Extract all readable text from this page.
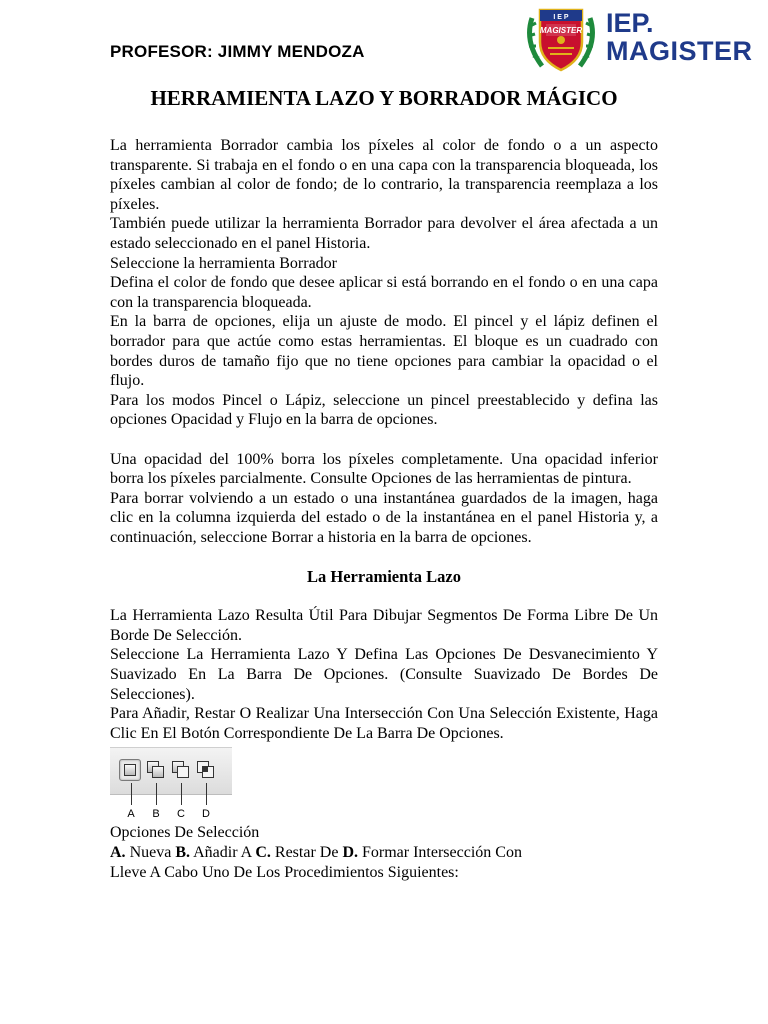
PROFESOR: JIMMY MENDOZA
I E P
MAGISTER IEP.
MAGISTER
HERRAMIENTA LAZO Y BORRADOR MÁGICO

La herramienta Borrador cambia los píxeles al color de fondo o a un aspecto transparente. Si trabaja en el fondo o en una capa con la transparencia bloqueada, los píxeles cambian al color de fondo; de lo contrario, la transparencia reemplaza a los píxeles.

También puede utilizar la herramienta Borrador para devolver el área afectada a un estado seleccionado en el panel Historia.

Seleccione la herramienta Borrador

Defina el color de fondo que desee aplicar si está borrando en el fondo o en una capa con la transparencia bloqueada.

En la barra de opciones, elija un ajuste de modo. El pincel y el lápiz definen el borrador para que actúe como estas herramientas. El bloque es un cuadrado con bordes duros de tamaño fijo que no tiene opciones para cambiar la opacidad o el flujo.

Para los modos Pincel o Lápiz, seleccione un pincel preestablecido y defina las opciones Opacidad y Flujo en la barra de opciones.

Una opacidad del 100% borra los píxeles completamente. Una opacidad inferior borra los píxeles parcialmente. Consulte Opciones de las herramientas de pintura.

Para borrar volviendo a un estado o una instantánea guardados de la imagen, haga clic en la columna izquierda del estado o de la instantánea en el panel Historia y, a continuación, seleccione Borrar a historia en la barra de opciones.

La Herramienta Lazo

La Herramienta Lazo Resulta Útil Para Dibujar Segmentos De Forma Libre De Un Borde De Selección.

Seleccione La Herramienta Lazo Y Defina Las Opciones De Desvanecimiento Y Suavizado En La Barra De Opciones. (Consulte Suavizado De Bordes De Selecciones).

Para Añadir, Restar O Realizar Una Intersección Con Una Selección Existente, Haga Clic En El Botón Correspondiente De La Barra De Opciones.

A B C D

Opciones De Selección

A. Nueva B. Añadir A C. Restar De D. Formar Intersección Con

Lleve A Cabo Uno De Los Procedimientos Siguientes:
